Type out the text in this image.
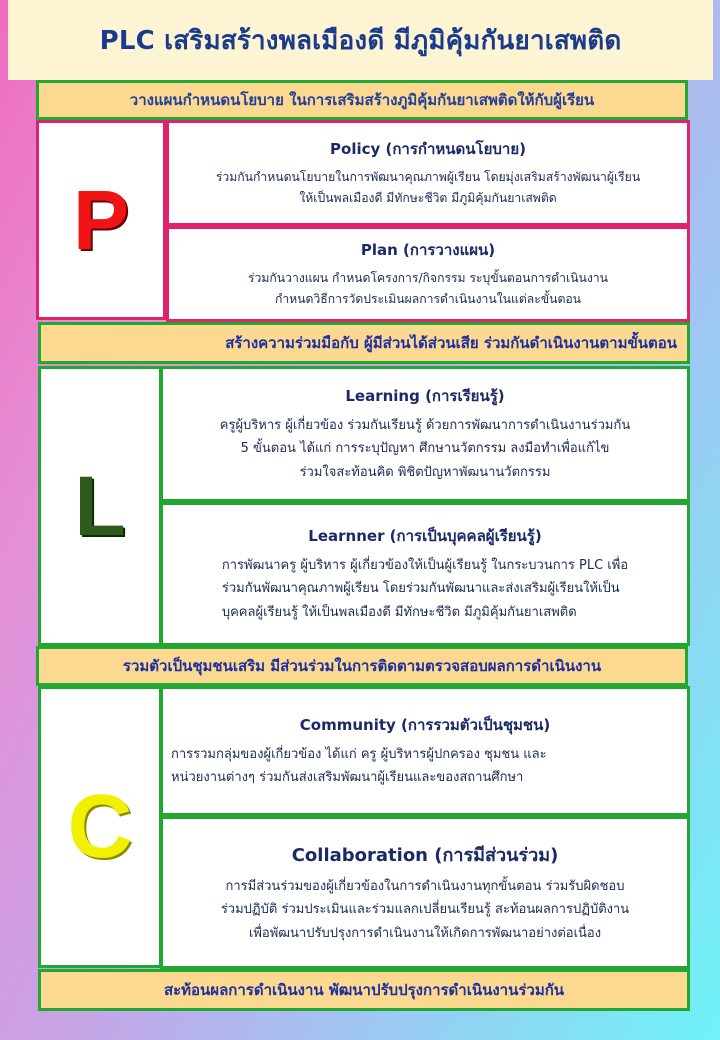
PLC เสริมสร้างพลเมืองดี มีภูมิคุ้มกันยาเสพติด
วางแผนกำหนดนโยบาย ในการเสริมสร้างภูมิคุ้มกันยาเสพติดให้กับผู้เรียน
P
Policy (การกำหนดนโยบาย)
ร่วมกันกำหนดนโยบายในการพัฒนาคุณภาพผู้เรียน โดยมุ่งเสริมสร้างพัฒนาผู้เรียน
ให้เป็นพลเมืองดี มีทักษะชีวิต มีภูมิคุ้มกันยาเสพติด
Plan (การวางแผน)
ร่วมกันวางแผน กำหนดโครงการ/กิจกรรม ระบุขั้นตอนการดำเนินงาน
กำหนดวิธีการวัดประเมินผลการดำเนินงานในแต่ละขั้นตอน
สร้างความร่วมมือกับ ผู้มีส่วนได้ส่วนเสีย ร่วมกันดำเนินงานตามขั้นตอน
L
Learning (การเรียนรู้)
ครูผู้บริหาร ผู้เกี่ยวข้อง ร่วมกันเรียนรู้ ด้วยการพัฒนาการดำเนินงานร่วมกัน
5 ขั้นตอน ได้แก่ การระบุปัญหา ศึกษานวัตกรรม ลงมือทำเพื่อแก้ไข
ร่วมใจสะท้อนคิด พิชิตปัญหาพัฒนานวัตกรรม
Learnner (การเป็นบุคคลผู้เรียนรู้)
การพัฒนาครู ผู้บริหาร ผู้เกี่ยวข้องให้เป็นผู้เรียนรู้ ในกระบวนการ PLC เพื่อ
ร่วมกันพัฒนาคุณภาพผู้เรียน โดยร่วมกันพัฒนาและส่งเสริมผู้เรียนให้เป็น
บุคคลผู้เรียนรู้ ให้เป็นพลเมืองดี มีทักษะชีวิต มีภูมิคุ้มกันยาเสพติด
รวมตัวเป็นชุมชนเสริม มีส่วนร่วมในการติดตามตรวจสอบผลการดำเนินงาน
C
Community (การรวมตัวเป็นชุมชน)
การรวมกลุ่มของผู้เกี่ยวข้อง ได้แก่ ครู ผู้บริหารผู้ปกครอง ชุมชน และ
หน่วยงานต่างๆ ร่วมกันส่งเสริมพัฒนาผู้เรียนและของสถานศึกษา
Collaboration (การมีส่วนร่วม)
การมีส่วนร่วมของผู้เกี่ยวข้องในการดำเนินงานทุกขั้นตอน ร่วมรับผิดชอบ
ร่วมปฏิบัติ ร่วมประเมินและร่วมแลกเปลี่ยนเรียนรู้ สะท้อนผลการปฏิบัติงาน
เพื่อพัฒนาปรับปรุงการดำเนินงานให้เกิดการพัฒนาอย่างต่อเนื่อง
สะท้อนผลการดำเนินงาน พัฒนาปรับปรุงการดำเนินงานร่วมกัน
